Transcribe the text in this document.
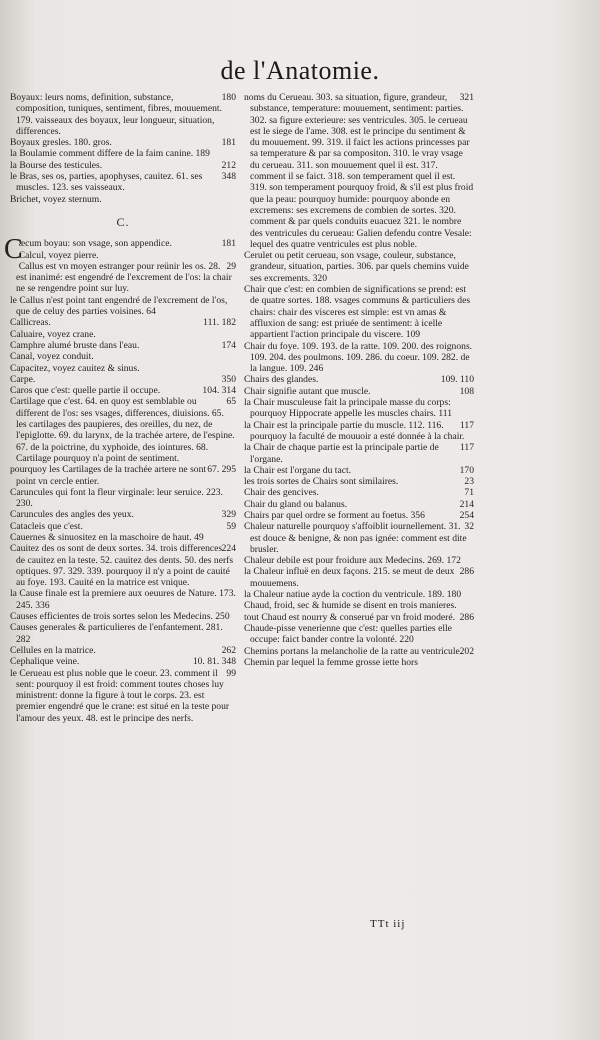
de l'Anatomie.

180
Boyaux: leurs noms, definition, substance, composition, tuniques, sentiment, fibres, mouuement. 179. vaisseaux des boyaux, leur longueur, situation, differences.

181
Boyaux gresles. 180. gros.

la Boulamie comment differe de la faim canine. 189

212
la Bourse des testicules.

348
le Bras, ses os, parties, apophyses, cauitez. 61. ses muscles. 123. ses vaisseaux.

Brichet, voyez sternum.

C.

C	181
æcum boyau: son vsage, son appendice.

Calcul, voyez pierre.

29
Callus est vn moyen estranger pour reünir les os. 28. est inanimé: est engendré de l'excrement de l'os: la chair ne se rengendre point sur luy.

le Callus n'est point tant engendré de l'excrement de l'os, que de celuy des parties voisines. 64

111. 182
Callicreas.

Caluaire, voyez crane.

174
Camphre alumé bruste dans l'eau.

Canal, voyez conduit.

Capacitez, voyez cauitez & sinus.

350
Carpe.

104. 314
Caros que c'est: quelle partie il occupe.

65
Cartilage que c'est. 64. en quoy est semblable ou different de l'os: ses vsages, differences, diuisions. 65. les cartilages des paupieres, des oreilles, du nez, de l'epiglotte. 69. du larynx, de la trachée artere, de l'espine. 67. de la poictrine, du xyphoide, des iointures. 68. Cartilage pourquoy n'a point de sentiment.

67. 295
pourquoy les Cartilages de la trachée artere ne sont point vn cercle entier.

Caruncules qui font la fleur virginale: leur seruice. 223. 230.

329
Caruncules des angles des yeux.

59
Catacleis que c'est.

Cauernes & sinuositez en la maschoire de haut. 49

224
Cauitez des os sont de deux sortes. 34. trois differences de cauitez en la teste. 52. cauitez des dents. 50. des nerfs optiques. 97. 329. 339. pourquoy il n'y a point de cauité au foye. 193. Cauité en la matrice est vnique.

la Cause finale est la premiere aux oeuures de Nature. 173. 245. 336

Causes efficientes de trois sortes selon les Medecins. 250

Causes generales & particulieres de l'enfantement. 281. 282

262
Cellules en la matrice.

10. 81. 348
Cephalique veine.

99
le Cerueau est plus noble que le coeur. 23. comment il sent: pourquoy il est froid: comment toutes choses luy ministrent: donne la figure à tout le corps. 23. est premier engendré que le crane: est situé en la teste pour l'amour des yeux. 48. est le principe des nerfs.

321
noms du Cerueau. 303. sa situation, figure, grandeur, substance, temperature: mouuement, sentiment: parties. 302. sa figure exterieure: ses ventricules. 305. le cerueau est le siege de l'ame. 308. est le principe du sentiment & du mouuement. 99. 319. il faict les actions princesses par sa temperature & par sa compositon. 310. le vray vsage du cerueau. 311. son mouuement quel il est. 317. comment il se faict. 318. son temperament quel il est. 319. son temperament pourquoy froid, & s'il est plus froid que la peau: pourquoy humide: pourquoy abonde en excremens: ses excremens de combien de sortes. 320. comment & par quels conduits euacuez 321. le nombre des ventricules du cerueau: Galien defendu contre Vesale: lequel des quatre ventricules est plus noble.

Cerulet ou petit cerueau, son vsage, couleur, substance, grandeur, situation, parties. 306. par quels chemins vuide ses excrements. 320

Chair que c'est: en combien de significations se prend: est de quatre sortes. 188. vsages communs & particuliers des chairs: chair des visceres est simple: est vn amas & affluxion de sang: est priuée de sentiment: à icelle appartient l'action principale du viscere. 109

Chair du foye. 109. 193. de la ratte. 109. 200. des roignons. 109. 204. des poulmons. 109. 286. du coeur. 109. 282. de la langue. 109. 246

109. 110
Chairs des glandes.

108
Chair signifie autant que muscle.

la Chair musculeuse fait la principale masse du corps: pourquoy Hippocrate appelle les muscles chairs. 111

117
la Chair est la principale partie du muscle. 112. 116. pourquoy la faculté de mouuoir a esté donnée à la chair.

117
la Chair de chaque partie est la principale partie de l'organe.

170
la Chair est l'organe du tact.

23
les trois sortes de Chairs sont similaires.

71
Chair des gencives.

214
Chair du gland ou balanus.

254
Chairs par quel ordre se forment au foetus. 356

32
Chaleur naturelle pourquoy s'affoiblit iournellement. 31. est douce & benigne, & non pas ignée: comment est dite brusler.

Chaleur debile est pour froidure aux Medecins. 269. 172

286
la Chaleur influë en deux façons. 215. se meut de deux mouuemens.

la Chaleur natiue ayde la coction du ventricule. 189. 180

Chaud, froid, sec & humide se disent en trois manieres.

286
tout Chaud est nourry & conserué par vn froid moderé.

Chaude-pisse venerienne que c'est: quelles parties elle occupe: faict bander contre la volonté. 220

202
Chemins portans la melancholie de la ratte au ventricule.

Chemin par lequel la femme grosse iette hors

TTt iij
